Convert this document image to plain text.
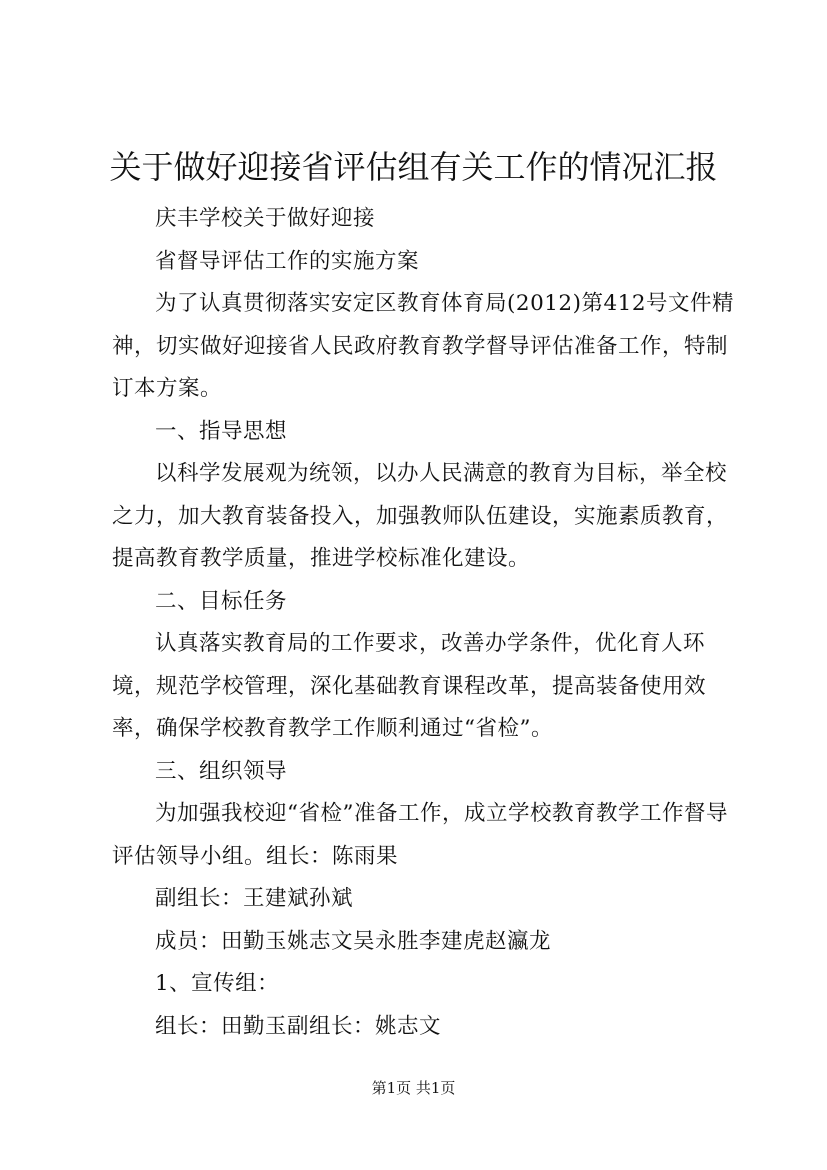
关于做好迎接省评估组有关工作的情况汇报

庆丰学校关于做好迎接

省督导评估工作的实施方案

为了认真贯彻落实安定区教育体育局(2012)第412号文件精神，切实做好迎接省人民政府教育教学督导评估准备工作，特制订本方案。

一、指导思想

以科学发展观为统领，以办人民满意的教育为目标，举全校之力，加大教育装备投入，加强教师队伍建设，实施素质教育，提高教育教学质量，推进学校标准化建设。

二、目标任务

认真落实教育局的工作要求，改善办学条件，优化育人环境，规范学校管理，深化基础教育课程改革，提高装备使用效率，确保学校教育教学工作顺利通过“省检”。

三、组织领导

为加强我校迎“省检”准备工作，成立学校教育教学工作督导评估领导小组。组长：陈雨果

副组长：王建斌孙斌

成员：田勤玉姚志文吴永胜李建虎赵瀛龙

1、宣传组：

组长：田勤玉副组长：姚志文

第1页 共1页
